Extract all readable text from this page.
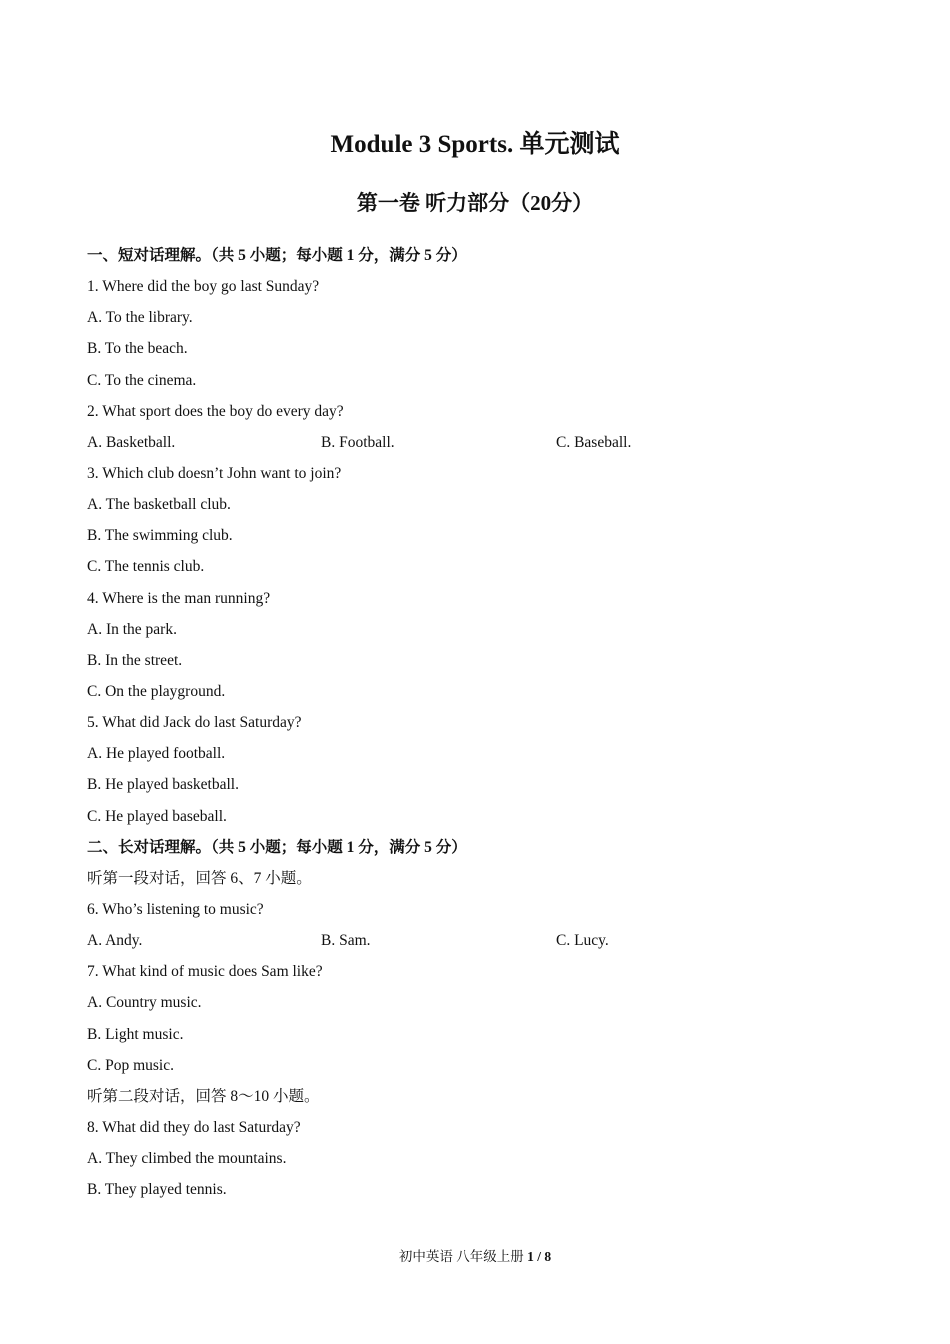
Module 3 Sports. 单元测试
第一卷 听力部分（20分）
一、短对话理解。（共 5 小题；每小题 1 分，满分 5 分）
1. Where did the boy go last Sunday?
A. To the library.
B. To the beach.
C. To the cinema.
2. What sport does the boy do every day?
A. Basketball.	B. Football.	C. Baseball.
3. Which club doesn’t John want to join?
A. The basketball club.
B. The swimming club.
C. The tennis club.
4. Where is the man running?
A. In the park.
B. In the street.
C. On the playground.
5. What did Jack do last Saturday?
A. He played football.
B. He played basketball.
C. He played baseball.
二、长对话理解。（共 5 小题；每小题 1 分，满分 5 分）
听第一段对话，回答 6、7 小题。
6. Who’s listening to music?
A. Andy.	B. Sam.	C. Lucy.
7. What kind of music does Sam like?
A. Country music.
B. Light music.
C. Pop music.
听第二段对话，回答 8～10 小题。
8. What did they do last Saturday?
A. They climbed the mountains.
B. They played tennis.
初中英语 八年级上册 1 / 8
